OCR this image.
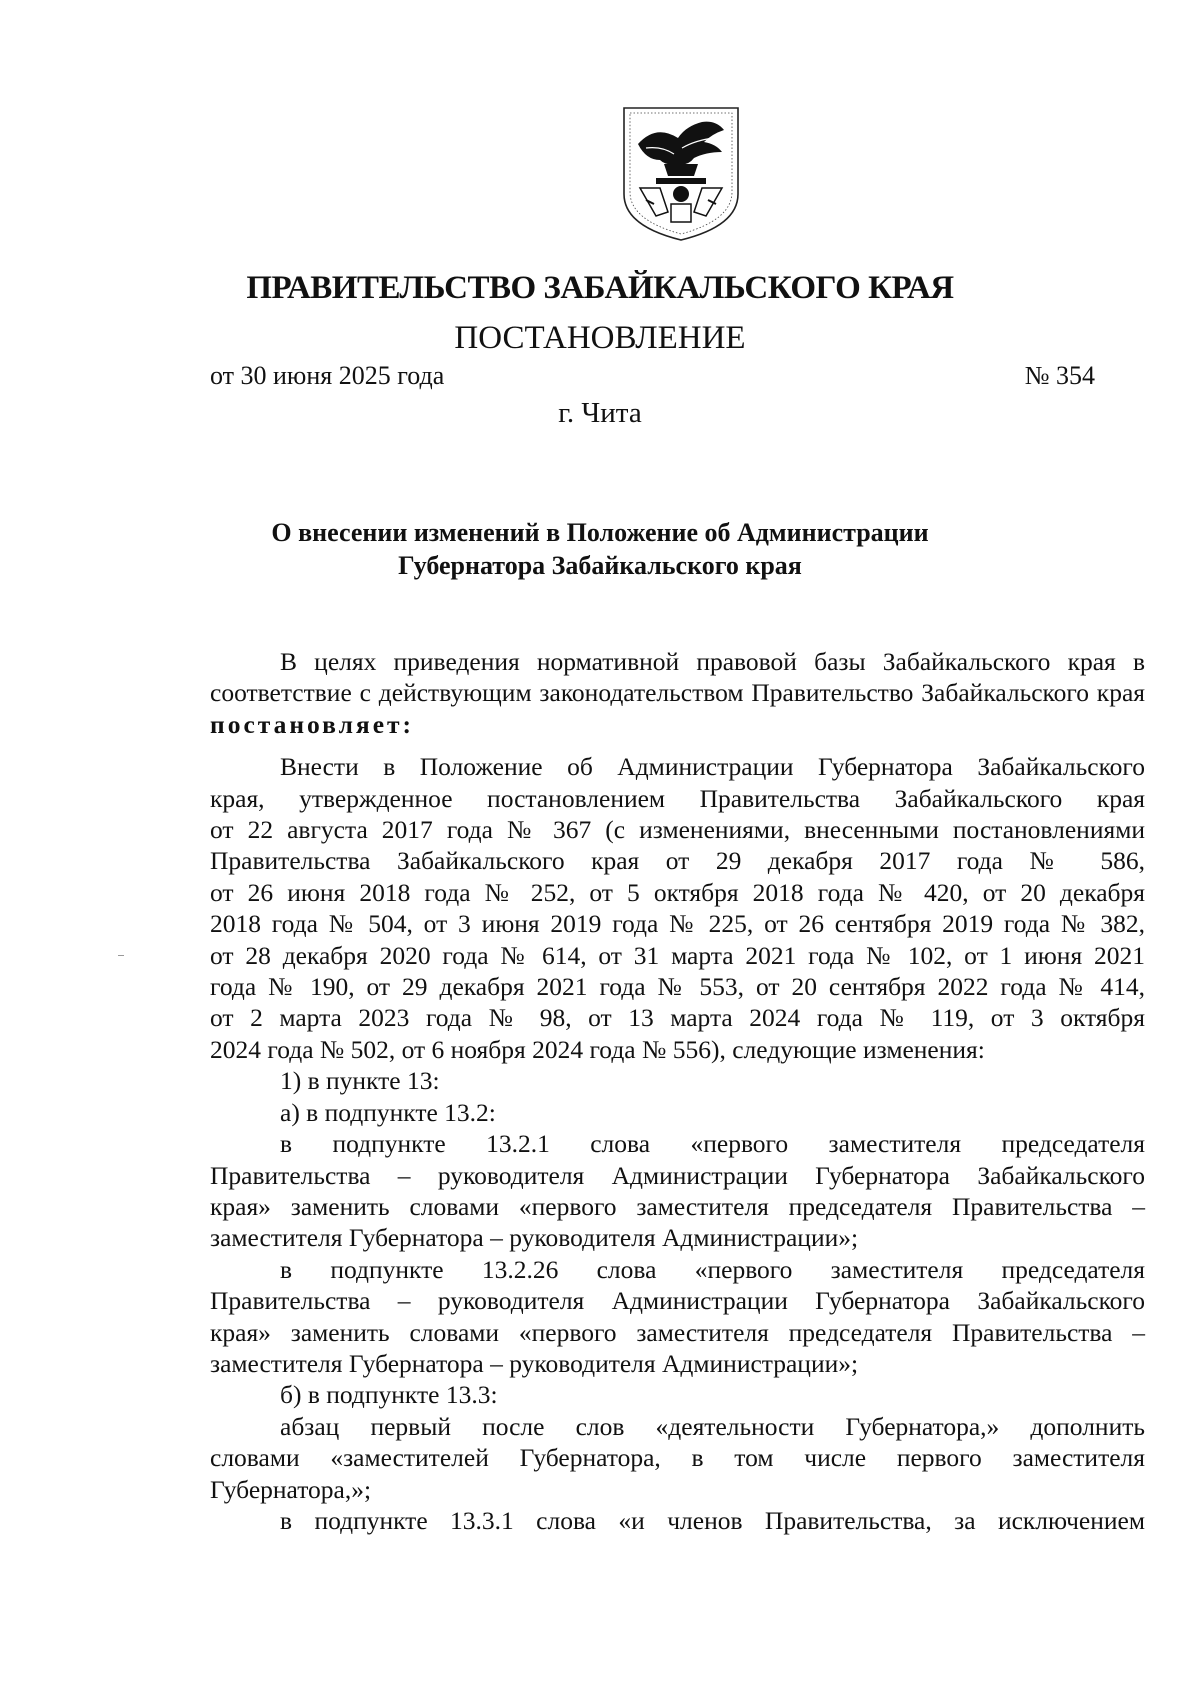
ПРАВИТЕЛЬСТВО ЗАБАЙКАЛЬСКОГО КРАЯ
ПОСТАНОВЛЕНИЕ
от 30 июня 2025 года	№ 354
г. Чита
О внесении изменений в Положение об Администрации
Губернатора Забайкальского края

В целях приведения нормативной правовой базы Забайкальского края в соответствие с действующим законодательством Правительство Забайкальского края постановляет:

Внести в Положение об Администрации Губернатора Забайкальского
края, утвержденное постановлением Правительства Забайкальского края
от 22 августа 2017 года № 367 (с изменениями, внесенными постановлениями
Правительства Забайкальского края от 29 декабря 2017 года № 586,
от 26 июня 2018 года № 252, от 5 октября 2018 года № 420, от 20 декабря
2018 года № 504, от 3 июня 2019 года № 225, от 26 сентября 2019 года № 382,
от 28 декабря 2020 года № 614, от 31 марта 2021 года № 102, от 1 июня 2021
года № 190, от 29 декабря 2021 года № 553, от 20 сентября 2022 года № 414,
от 2 марта 2023 года № 98, от 13 марта 2024 года № 119, от 3 октября
2024 года № 502, от 6 ноября 2024 года № 556), следующие изменения:
1) в пункте 13:
а) в подпункте 13.2:
в подпункте 13.2.1 слова «первого заместителя председателя
Правительства – руководителя Администрации Губернатора Забайкальского
края» заменить словами «первого заместителя председателя Правительства –
заместителя Губернатора – руководителя Администрации»;
в подпункте 13.2.26 слова «первого заместителя председателя
Правительства – руководителя Администрации Губернатора Забайкальского
края» заменить словами «первого заместителя председателя Правительства –
заместителя Губернатора – руководителя Администрации»;
б) в подпункте 13.3:
абзац первый после слов «деятельности Губернатора,» дополнить
словами «заместителей Губернатора, в том числе первого заместителя
Губернатора,»;
в подпункте 13.3.1 слова «и членов Правительства, за исключением
